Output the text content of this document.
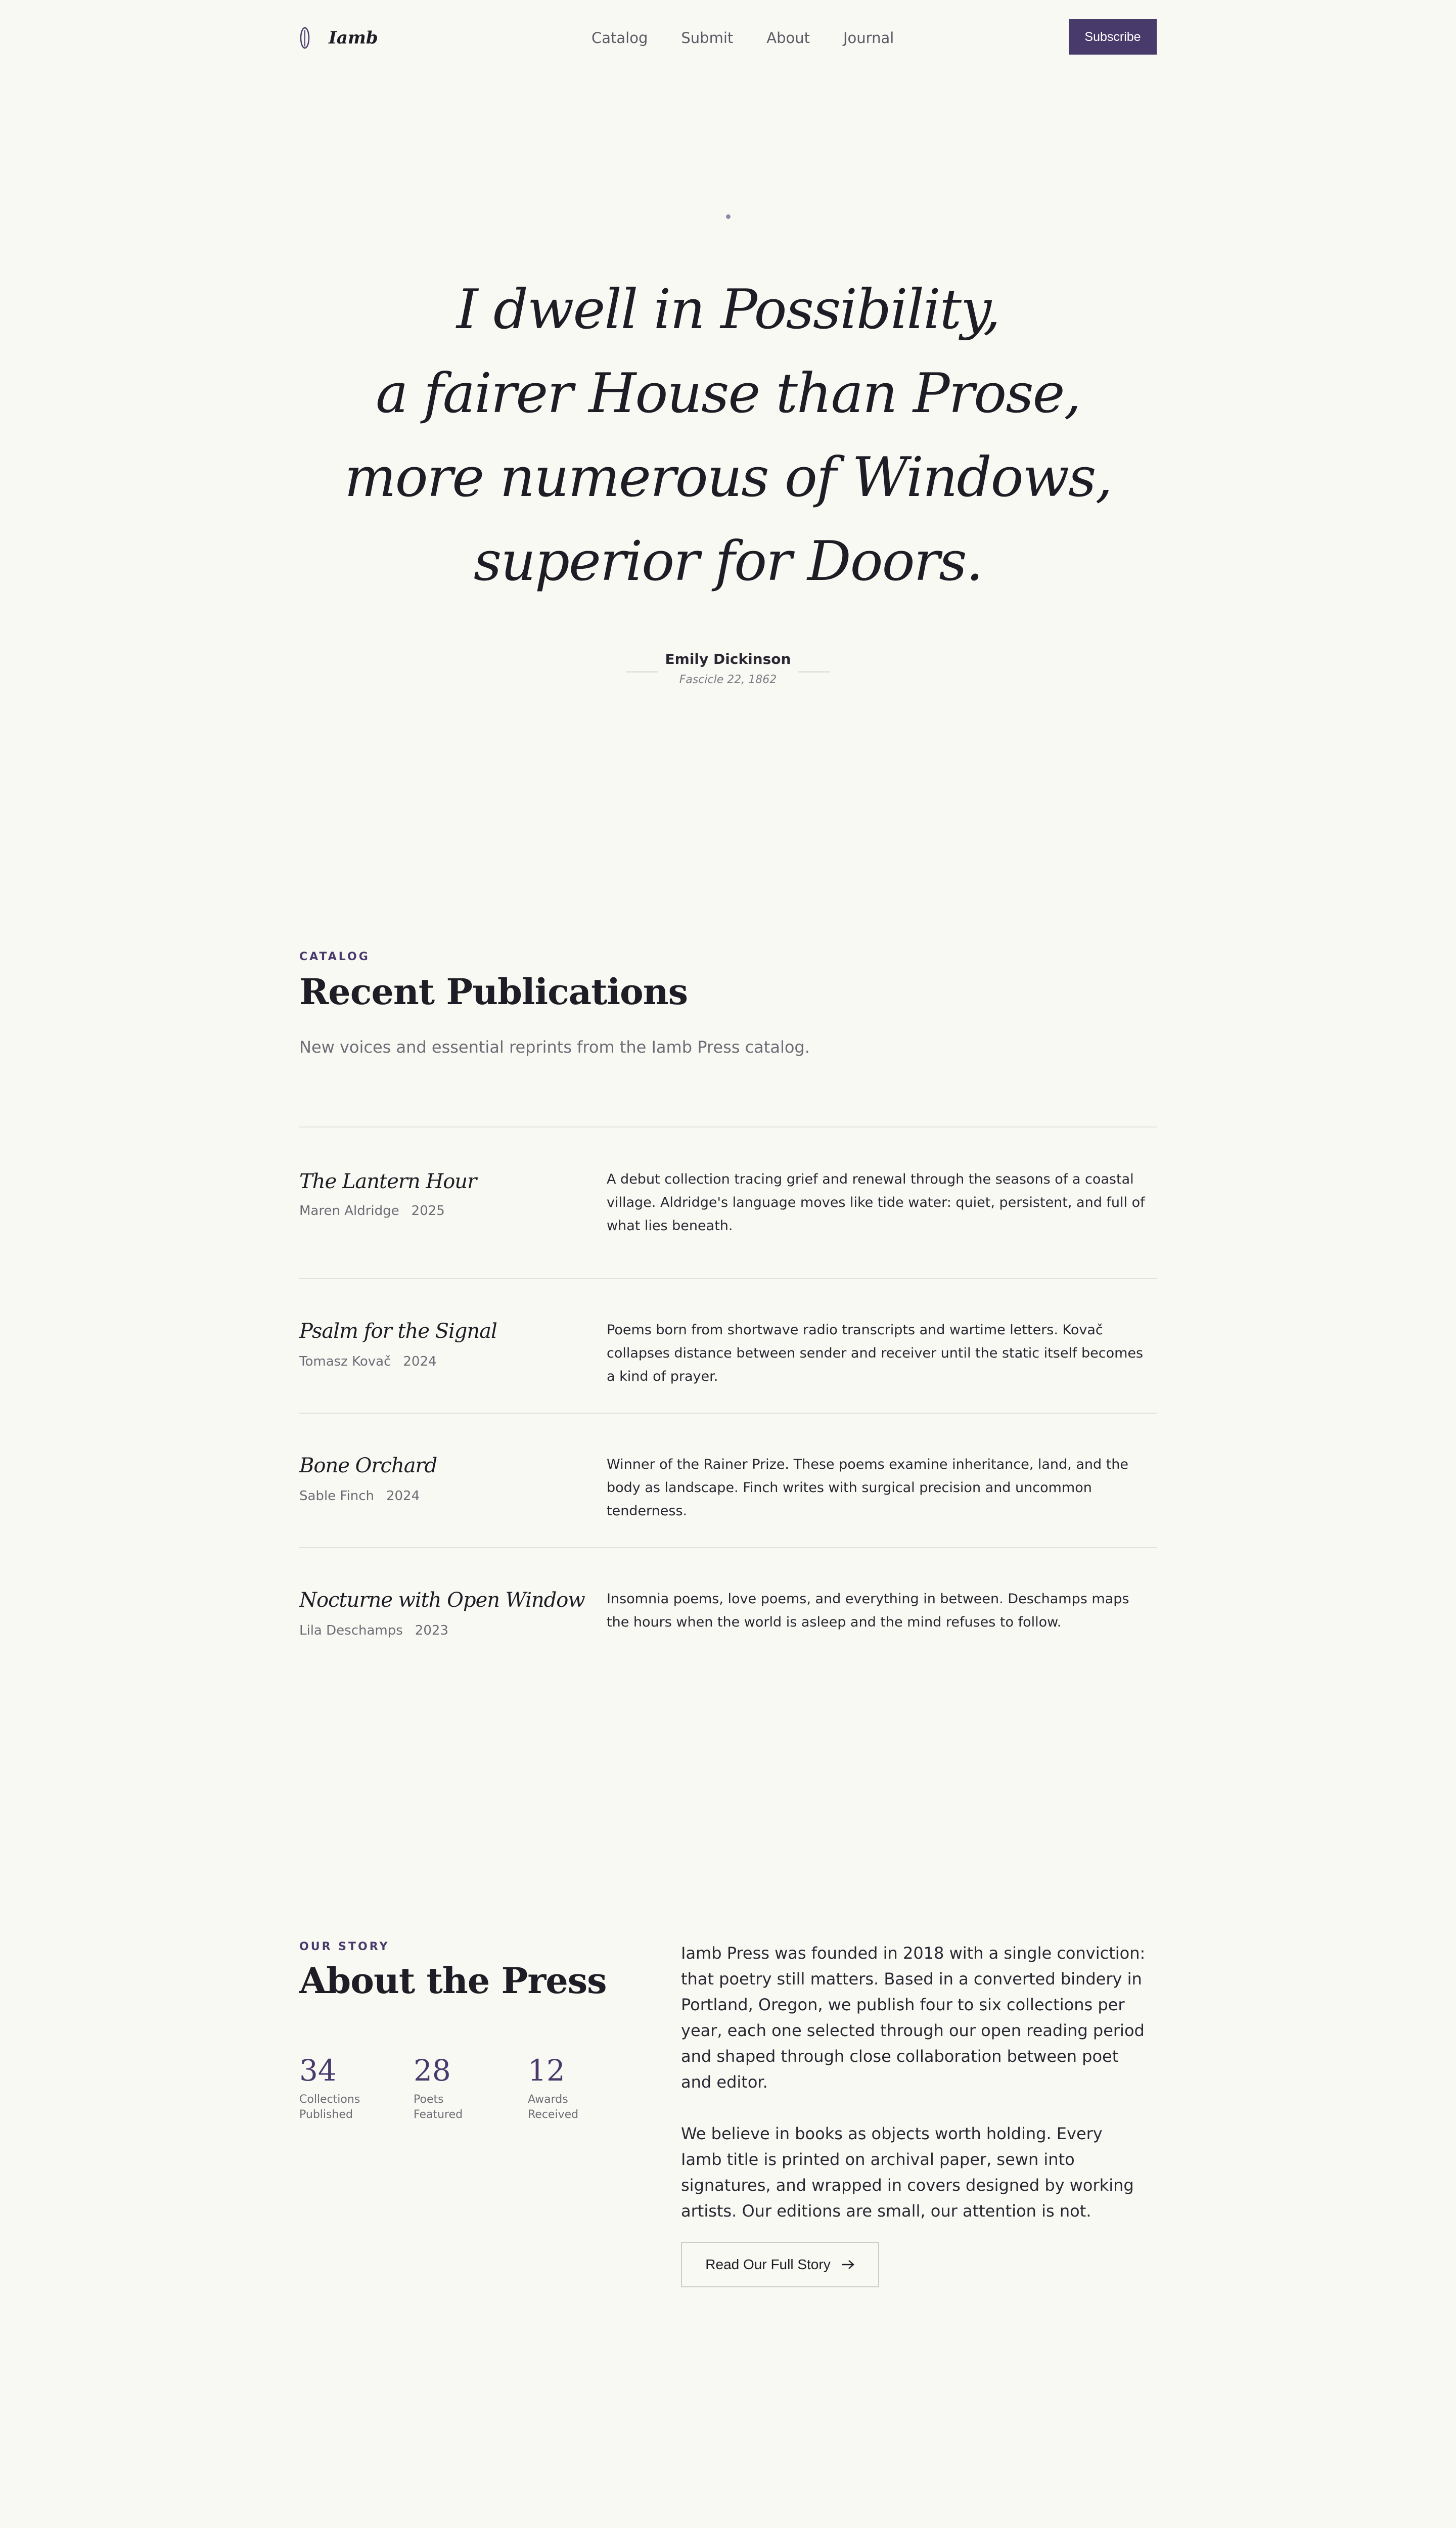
Iamb	Catalog Submit About Journal	Subscribe
I dwell in Possibility,
a fairer House than Prose,
more numerous of Windows,
superior for Doors.
Emily Dickinson
Fascicle 22, 1862
CATALOG
Recent Publications

New voices and essential reprints from the Iamb Press catalog.

The Lantern Hour
Maren Aldridge 2025

A debut collection tracing grief and renewal through the seasons of a coastal village. Aldridge's language moves like tide water: quiet, persistent, and full of what lies beneath.

Psalm for the Signal
Tomasz Kovač 2024

Poems born from shortwave radio transcripts and wartime letters. Kovač collapses distance between sender and receiver until the static itself becomes a kind of prayer.

Bone Orchard
Sable Finch 2024

Winner of the Rainer Prize. These poems examine inheritance, land, and the body as landscape. Finch writes with surgical precision and uncommon tenderness.

Nocturne with Open Window
Lila Deschamps 2023

Insomnia poems, love poems, and everything in between. Deschamps maps the hours when the world is asleep and the mind refuses to follow.

OUR STORY
About the Press
34
Collections Published
28
Poets Featured
12
Awards Received

Iamb Press was founded in 2018 with a single conviction: that poetry still matters. Based in a converted bindery in Portland, Oregon, we publish four to six collections per year, each one selected through our open reading period and shaped through close collaboration between poet and editor.

We believe in books as objects worth holding. Every Iamb title is printed on archival paper, sewn into signatures, and wrapped in covers designed by working artists. Our editions are small, our attention is not.

Read Our Full Story
